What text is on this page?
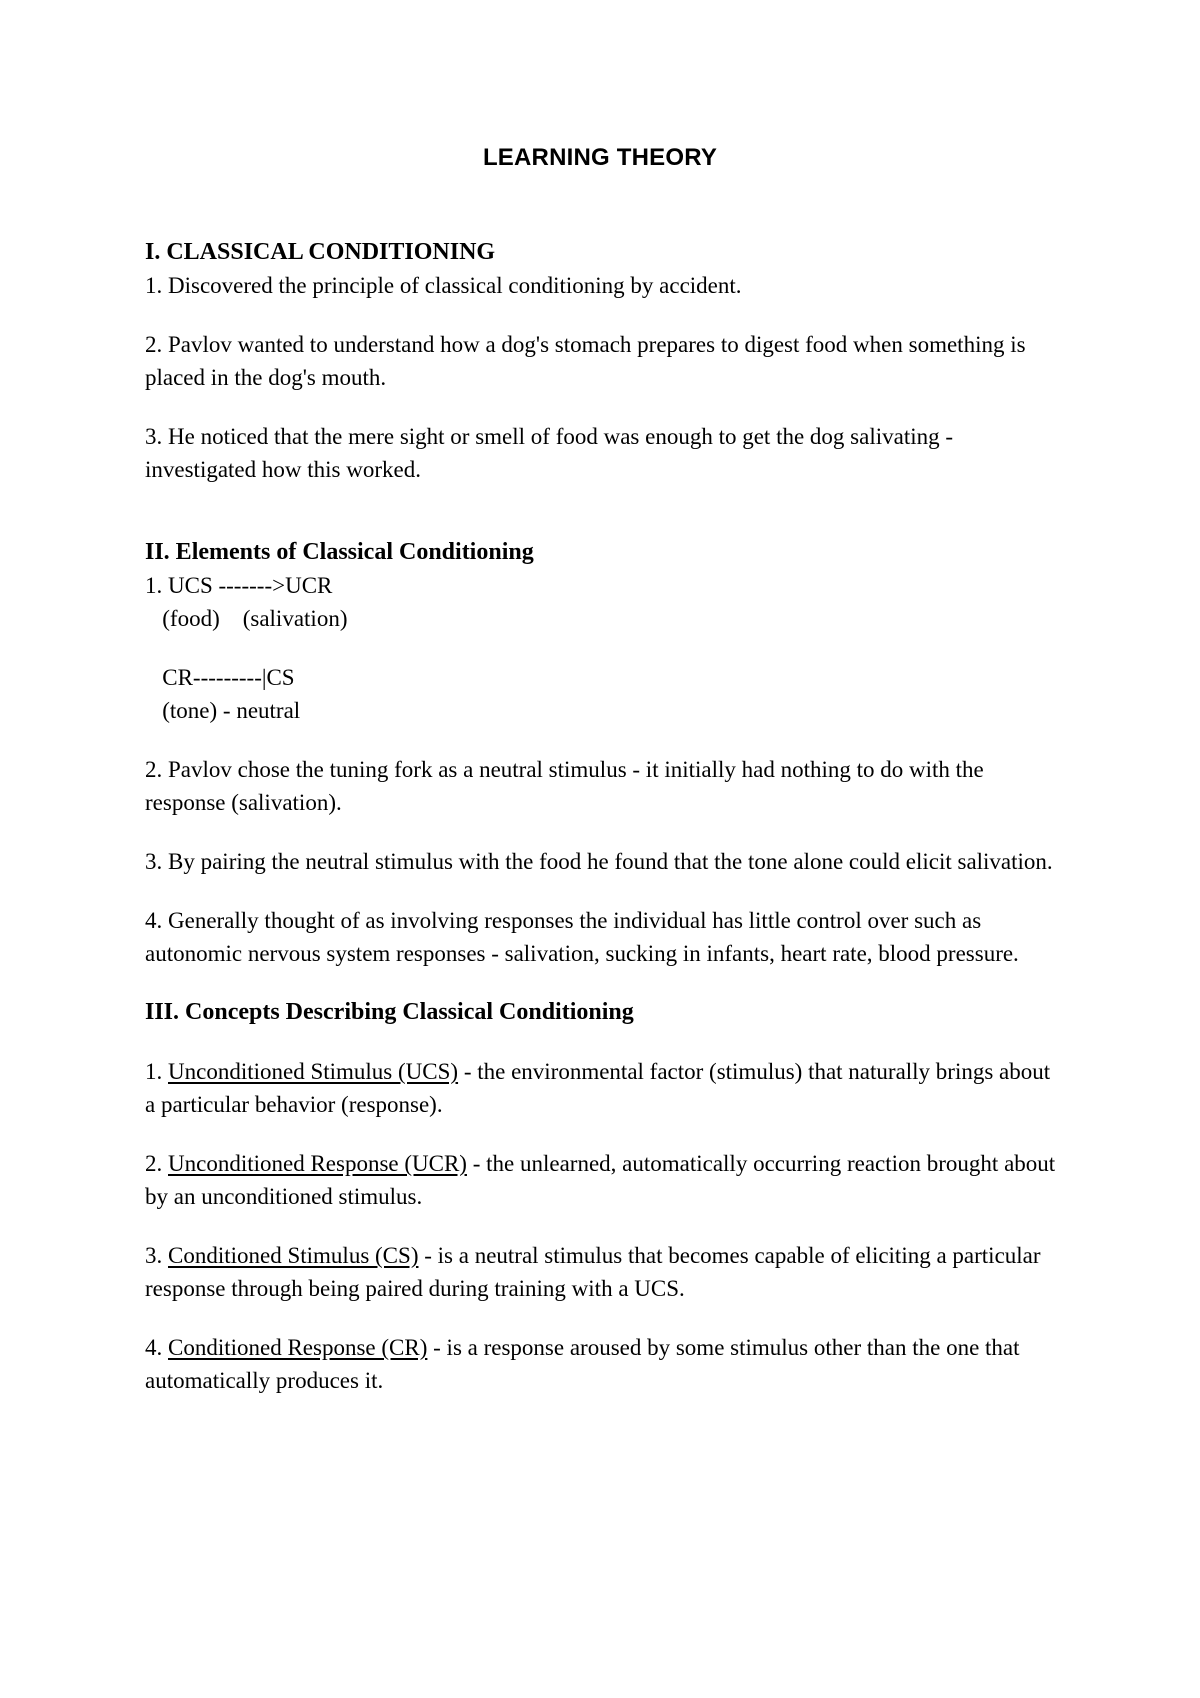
LEARNING THEORY

I. CLASSICAL CONDITIONING

1. Discovered the principle of classical conditioning by accident.

2. Pavlov wanted to understand how a dog's stomach prepares to digest food when something is placed in the dog's mouth.

3. He noticed that the mere sight or smell of food was enough to get the dog salivating - investigated how this worked.

II. Elements of Classical Conditioning

1. UCS ------->UCR

(food)    (salivation)

CR---------|CS

(tone) - neutral

2. Pavlov chose the tuning fork as a neutral stimulus - it initially had nothing to do with the response (salivation).

3. By pairing the neutral stimulus with the food he found that the tone alone could elicit salivation.

4. Generally thought of as involving responses the individual has little control over such as autonomic nervous system responses - salivation, sucking in infants, heart rate, blood pressure.

III. Concepts Describing Classical Conditioning

1. Unconditioned Stimulus (UCS) - the environmental factor (stimulus) that naturally brings about a particular behavior (response).

2. Unconditioned Response (UCR) - the unlearned, automatically occurring reaction brought about by an unconditioned stimulus.

3. Conditioned Stimulus (CS) - is a neutral stimulus that becomes capable of eliciting a particular response through being paired during training with a UCS.

4. Conditioned Response (CR) - is a response aroused by some stimulus other than the one that automatically produces it.
